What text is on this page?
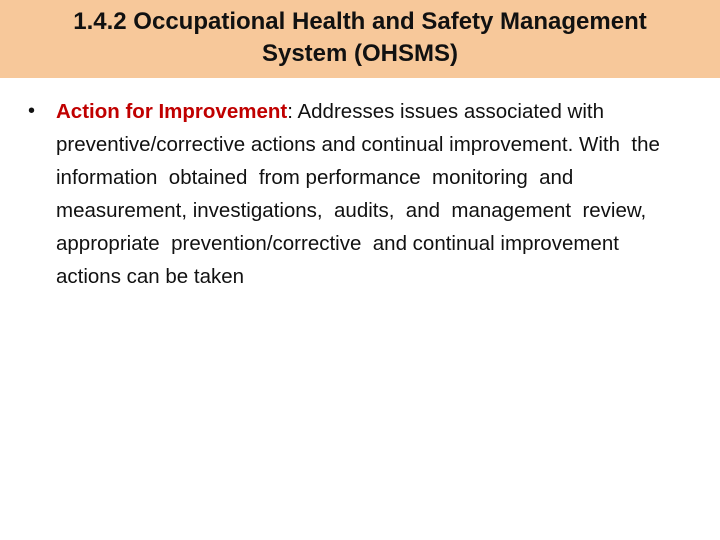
1.4.2 Occupational Health and Safety Management
System (OHSMS)
• Action for Improvement: Addresses issues associated with preventive/corrective actions and continual improvement. With  the  information  obtained  from performance  monitoring  and  measurement, investigations,  audits,  and  management  review, appropriate  prevention/corrective  and continual improvement actions can be taken
